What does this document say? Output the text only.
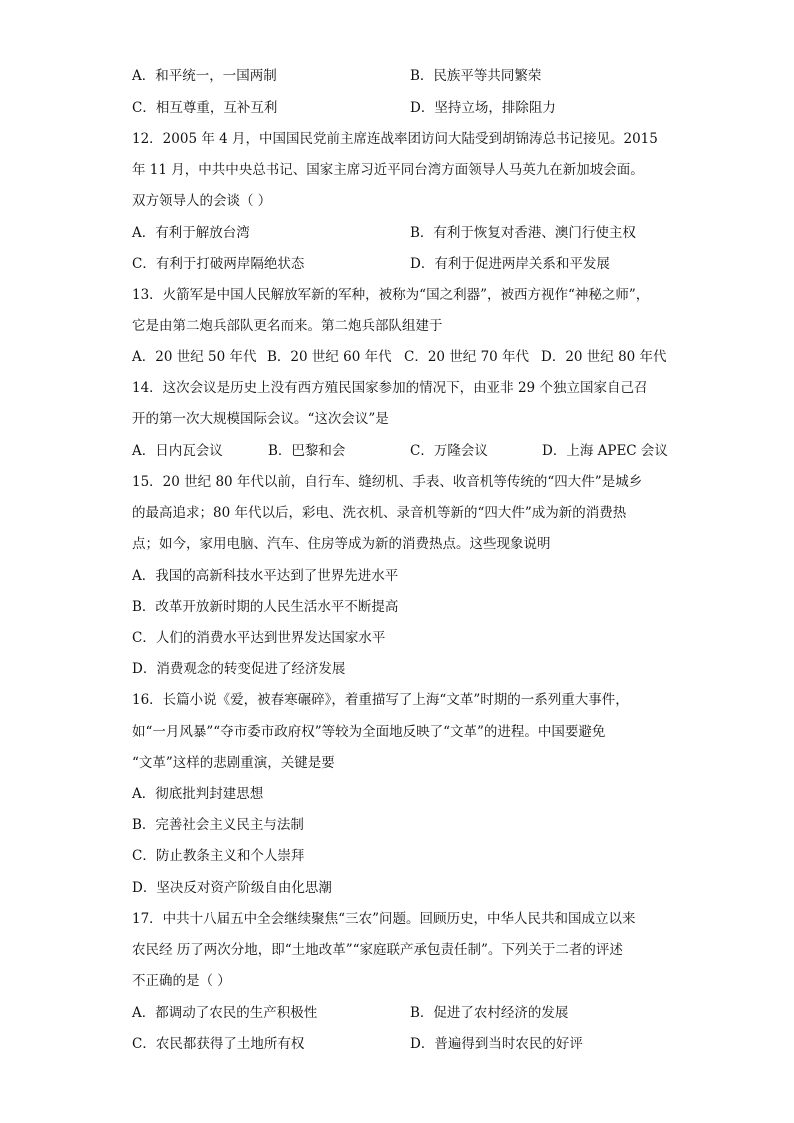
A．和平统一，一国两制	B．民族平等共同繁荣
C．相互尊重，互补互利	D．坚持立场，排除阻力
12．2005 年 4 月，中国国民党前主席连战率团访问大陆受到胡锦涛总书记接见。2015
年 11 月，中共中央总书记、国家主席习近平同台湾方面领导人马英九在新加坡会面。
双方领导人的会谈（ ）
A．有利于解放台湾	B．有利于恢复对香港、澳门行使主权
C．有利于打破两岸隔绝状态	D．有利于促进两岸关系和平发展
13．火箭军是中国人民解放军新的军种，被称为“国之利器”，被西方视作“神秘之师”，
它是由第二炮兵部队更名而来。第二炮兵部队组建于
A．20 世纪 50 年代 B．20 世纪 60 年代 C．20 世纪 70 年代 D．20 世纪 80 年代
14．这次会议是历史上没有西方殖民国家参加的情况下，由亚非 29 个独立国家自己召
开的第一次大规模国际会议。“这次会议”是
A．日内瓦会议	B．巴黎和会	C．万隆会议	D．上海 APEC 会议
15．20 世纪 80 年代以前，自行车、缝纫机、手表、收音机等传统的“四大件”是城乡
的最高追求；80 年代以后，彩电、洗衣机、录音机等新的“四大件”成为新的消费热
点；如今，家用电脑、汽车、住房等成为新的消费热点。这些现象说明
A．我国的高新科技水平达到了世界先进水平
B．改革开放新时期的人民生活水平不断提高
C．人们的消费水平达到世界发达国家水平
D．消费观念的转变促进了经济发展
16．长篇小说《爱，被春寒碾碎》，着重描写了上海“文革”时期的一系列重大事件，
如“一月风暴”“夺市委市政府权”等较为全面地反映了“文革”的进程。中国要避免
“文革”这样的悲剧重演，关键是要
A．彻底批判封建思想
B．完善社会主义民主与法制
C．防止教条主义和个人崇拜
D．坚决反对资产阶级自由化思潮
17．中共十八届五中全会继续聚焦“三农”问题。回顾历史，中华人民共和国成立以来
农民经 历了两次分地，即“土地改革”“家庭联产承包责任制”。下列关于二者的评述
不正确的是（ ）
A．都调动了农民的生产积极性	B．促进了农村经济的发展
C．农民都获得了土地所有权	D．普遍得到当时农民的好评
